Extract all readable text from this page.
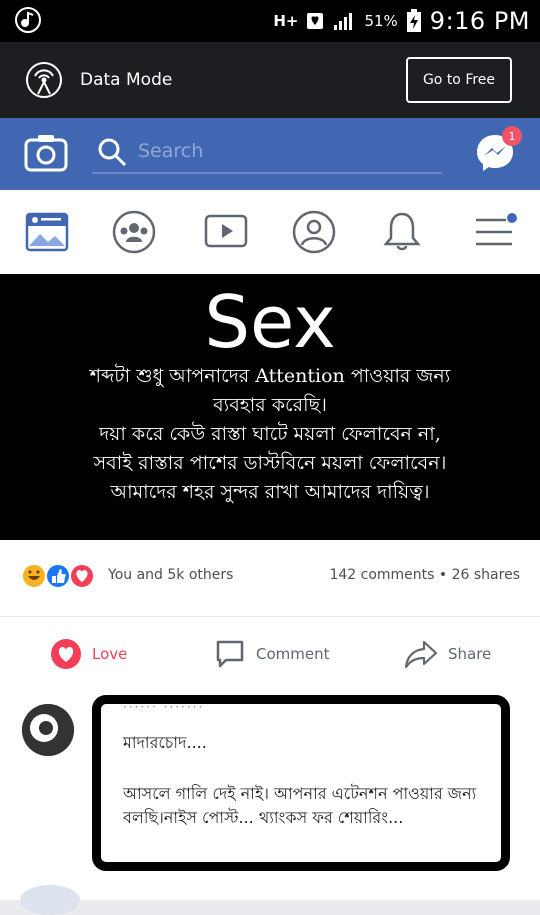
H+	51% 9:16 PM
Data Mode	Go to Free
Search
1
Sex
শব্দটা শুধু আপনাদের Attention পাওয়ার জন্য
ব্যবহার করেছি।
দয়া করে কেউ রাস্তা ঘাটে ময়লা ফেলাবেন না,
সবাই রাস্তার পাশের ডাস্টবিনে ময়লা ফেলাবেন।
আমাদের শহর সুন্দর রাখা আমাদের দায়িত্ব।
You and 5k others	142 comments • 26 shares
Love	Comment	Share
······ ·······
মাদারচোদ....
আসলে গালি দেই নাই। আপনার এটেনশন পাওয়ার জন্য বলছি।নাইস পোস্ট... থ্যাংকস ফর শেয়ারিং...
